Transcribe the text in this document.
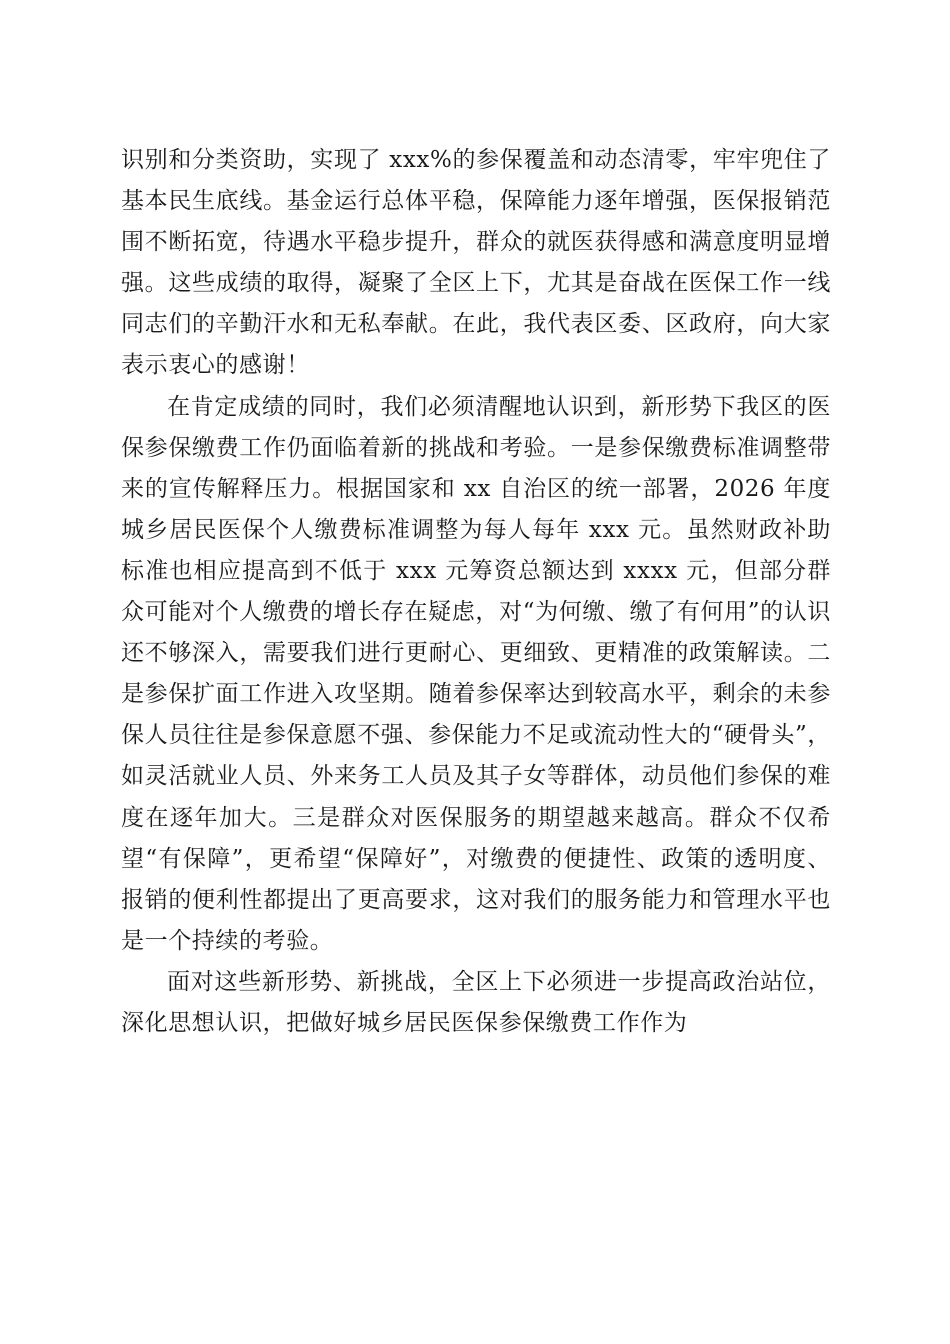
识别和分类资助，实现了 xxx%的参保覆盖和动态清零，牢牢兜住了基本民生底线。基金运行总体平稳，保障能力逐年增强，医保报销范围不断拓宽，待遇水平稳步提升，群众的就医获得感和满意度明显增强。这些成绩的取得，凝聚了全区上下，尤其是奋战在医保工作一线同志们的辛勤汗水和无私奉献。在此，我代表区委、区政府，向大家表示衷心的感谢！

在肯定成绩的同时，我们必须清醒地认识到，新形势下我区的医保参保缴费工作仍面临着新的挑战和考验。一是参保缴费标准调整带来的宣传解释压力。根据国家和 xx 自治区的统一部署，2026 年度城乡居民医保个人缴费标准调整为每人每年 xxx 元。虽然财政补助标准也相应提高到不低于 xxx 元筹资总额达到 xxxx 元，但部分群众可能对个人缴费的增长存在疑虑，对“为何缴、缴了有何用”的认识还不够深入，需要我们进行更耐心、更细致、更精准的政策解读。二是参保扩面工作进入攻坚期。随着参保率达到较高水平，剩余的未参保人员往往是参保意愿不强、参保能力不足或流动性大的“硬骨头”，如灵活就业人员、外来务工人员及其子女等群体，动员他们参保的难度在逐年加大。三是群众对医保服务的期望越来越高。群众不仅希望“有保障”，更希望“保障好”，对缴费的便捷性、政策的透明度、报销的便利性都提出了更高要求，这对我们的服务能力和管理水平也是一个持续的考验。

面对这些新形势、新挑战，全区上下必须进一步提高政治站位，深化思想认识，把做好城乡居民医保参保缴费工作作为
